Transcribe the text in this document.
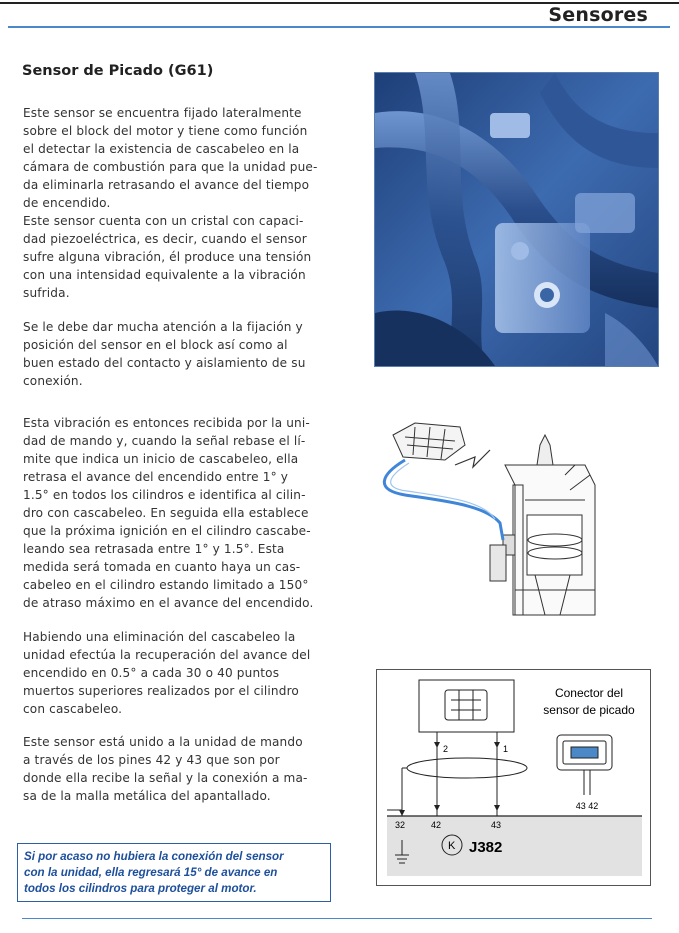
Sensores
Sensor de Picado (G61)
Este sensor se encuentra fijado lateralmente
sobre el block del motor y tiene como función
el detectar la existencia de cascabeleo en la
cámara de combustión para que la unidad pue-
da eliminarla retrasando el avance del tiempo
de encendido.
Este sensor cuenta con un cristal con capaci-
dad piezoeléctrica, es decir, cuando el sensor
sufre alguna vibración, él produce una tensión
con una intensidad equivalente a la vibración
sufrida.
Se le debe dar mucha atención a la fijación y
posición del sensor en el block así como al
buen estado del contacto y aislamiento de su
conexión.
Esta vibración es entonces recibida por la uni-
dad de mando y, cuando la señal rebase el lí-
mite que indica un inicio de cascabeleo, ella
retrasa el avance del encendido entre 1° y
1.5° en todos los cilindros e identifica al cilin-
dro con cascabeleo. En seguida ella establece
que la próxima ignición en el cilindro cascabe-
leando sea retrasada entre 1° y 1.5°. Esta
medida será tomada en cuanto haya un cas-
cabeleo en el cilindro estando limitado a 150°
de atraso máximo en el avance del encendido.
Habiendo una eliminación del cascabeleo la
unidad efectúa la recuperación del avance del
encendido en 0.5° a cada 30 o 40 puntos
muertos superiores realizados por el cilindro
con cascabeleo.
Este sensor está unido a la unidad de mando
a través de los pines 42 y 43 que son por
donde ella recibe la señal y la conexión a ma-
sa de la malla metálica del apantallado.
Si por acaso no hubiera la conexión del sensor
con la unidad, ella regresará 15° de avance en
todos los cilindros para proteger al motor.
2	1
32	42	43
K J382
Conector del
sensor de picado
43 42
